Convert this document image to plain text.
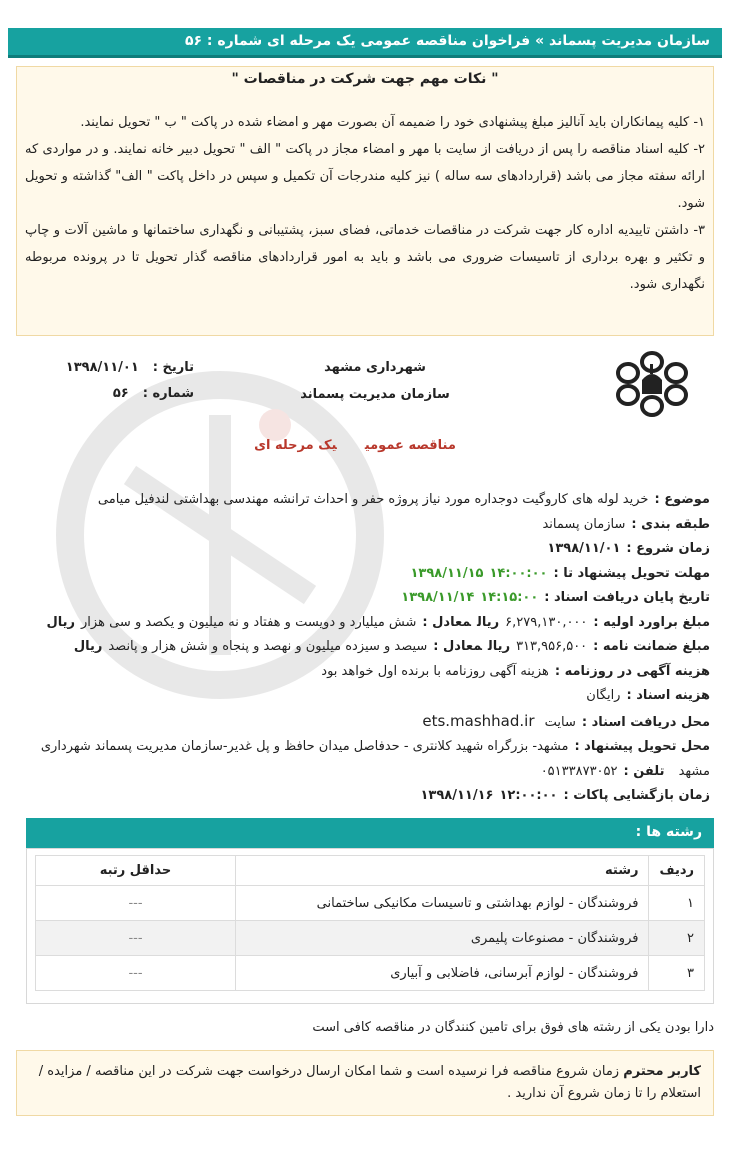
سازمان مدیریت پسماند » فراخوان مناقصه عمومی یک مرحله ای شماره : ۵۶
" نکات مهم جهت شرکت در مناقصات "
۱- کلیه پیمانکاران باید آنالیز مبلغ پیشنهادی خود را ضمیمه آن بصورت مهر و امضاء شده در پاکت " ب " تحویل نمایند.
۲- کلیه اسناد مناقصه را پس از دریافت از سایت با مهر و امضاء مجاز در پاکت " الف " تحویل دبیر خانه نمایند. و در مواردی که ارائه سفته مجاز می باشد (قراردادهای سه ساله ) نیز کلیه مندرجات آن تکمیل و سپس در داخل پاکت " الف" گذاشته و تحویل شود.
۳- داشتن تاییدیه اداره کار جهت شرکت در مناقصات خدماتی، فضای سبز، پشتیبانی و نگهداری ساختمانها و ماشین آلات و چاپ و تکثیر و بهره برداری از تاسیسات ضروری می باشد و باید به امور قراردادهای مناقصه گذار تحویل تا در پرونده مربوطه نگهداری شود.
شهرداری مشهد
سازمان مدیریت پسماند
تاریخ :۱۳۹۸/۱۱/۰۱
شماره :۵۶
مناقصه عمومییک مرحله ای
موضوع :خرید لوله های کاروگیت دوجداره مورد نیاز پروژه حفر و احداث ترانشه مهندسی بهداشتی لندفیل میامی
طبقه بندی :سازمان پسماند
زمان شروع :۱۳۹۸/۱۱/۰۱
مهلت تحویل پیشنهاد تا :۱۳۹۸/۱۱/۱۵ ۱۴:۰۰:۰۰
تاریخ پایان دریافت اسناد :۱۳۹۸/۱۱/۱۴ ۱۴:۱۵:۰۰
مبلغ براورد اولیه :۶,۲۷۹,۱۳۰,۰۰۰ریالمعادل :شش میلیارد و دویست و هفتاد و نه میلیون و یکصد و سی هزارریال
مبلغ ضمانت نامه :۳۱۳,۹۵۶,۵۰۰ریالمعادل :سیصد و سیزده میلیون و نهصد و پنجاه و شش هزار و پانصدریال
هزینه آگهی در روزنامه :هزینه آگهی روزنامه با برنده اول خواهد بود
هزینه اسناد :رایگان
محل دریافت اسناد :سایت ets.mashhad.ir
محل تحویل پیشنهاد :مشهد- بزرگراه شهید کلانتری - حدفاصل میدان حافظ و پل غدیر-سازمان مدیریت پسماند شهرداری مشهد تلفن :۰۵۱۳۳۸۷۳۰۵۲
زمان بازگشایی پاکات :۱۳۹۸/۱۱/۱۶ ۱۲:۰۰:۰۰
رشته ها :
ردیف	رشته	حداقل رتبه
۱	فروشندگان - لوازم بهداشتی و تاسیسات مکانیکی ساختمانی	---
۲	فروشندگان - مصنوعات پلیمری	---
۳	فروشندگان - لوازم آبرسانی، فاضلابی و آبیاری	---
دارا بودن یکی از رشته های فوق برای تامین کنندگان در مناقصه کافی است
کاربر محترم زمان شروع مناقصه فرا نرسیده است و شما امکان ارسال درخواست جهت شرکت در این مناقصه / مزایده / استعلام را تا زمان شروع آن ندارید .
